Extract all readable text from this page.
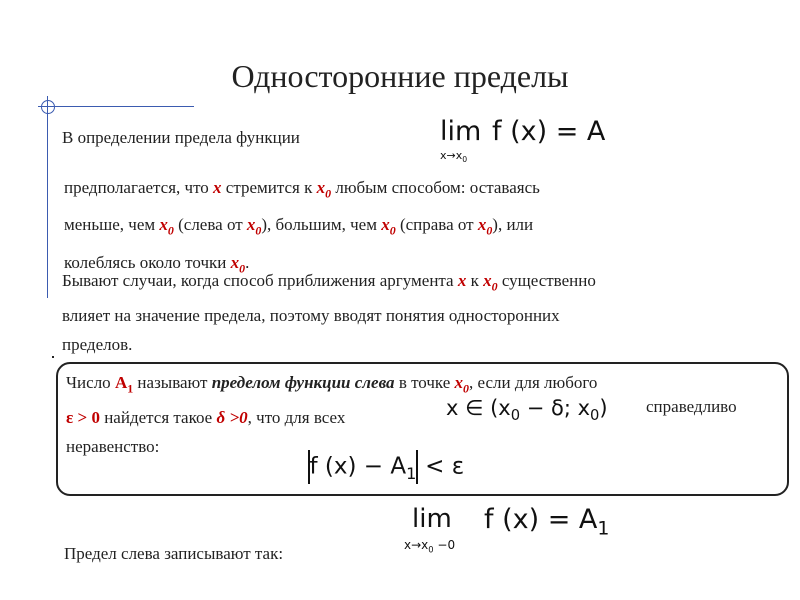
Односторонние пределы
В определении предела функции	lim
$x\to x_0$
f (x) = A
предполагается, что x стремится к $x_0$ любым способом: оставаясь
меньше, чем $x_0$ (слева от $x_0$), большим, чем $x_0$ (справа от $x_0$), или
колеблясь около точки $x_0$.
Бывают случаи, когда способ приближения аргумента x к $x_0$ существенно
влияет на значение предела, поэтому вводят понятия односторонних
пределов.
Число $A_1$ называют пределом функции слева в точке $x_0$, если для любого
ε > 0 найдется такое δ >0, что для всех
неравенство:
x ∈ ($x_0 - \delta$; $x_0$) справедливо
f $(x) - A_1 < \varepsilon$
Предел слева записывают так:
lim
$x\to x_0 -0$
f $(x) = A_1$
